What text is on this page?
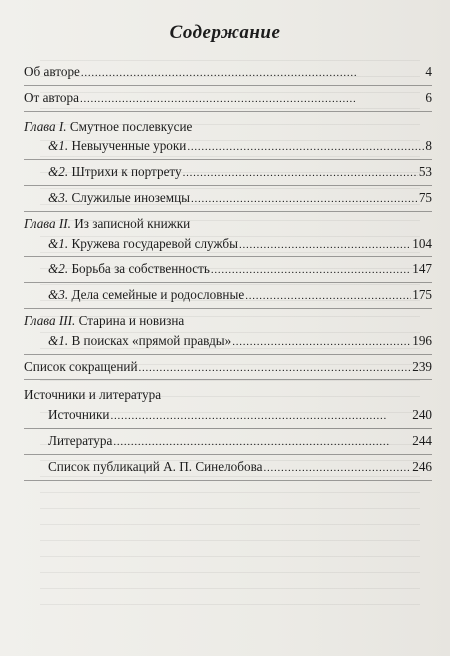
Содержание
Об авторе . . .	4
От автора . . .	6
Глава I. Смутное послевкусие
&1. Невыученные уроки . . .	8
&2. Штрихи к портрету . . .	53
&3. Служилые иноземцы . . .	75
Глава II. Из записной книжки
&1. Кружева государевой службы . . .	104
&2. Борьба за собственность . . .	147
&3. Дела семейные и родословные . . .	175
Глава III. Старина и новизна
&1. В поисках «прямой правды» . . .	196
Список сокращений . . .	239
Источники и литература
Источники . . .	240
Литература . . .	244
Список публикаций А. П. Синелобова . . .	246
